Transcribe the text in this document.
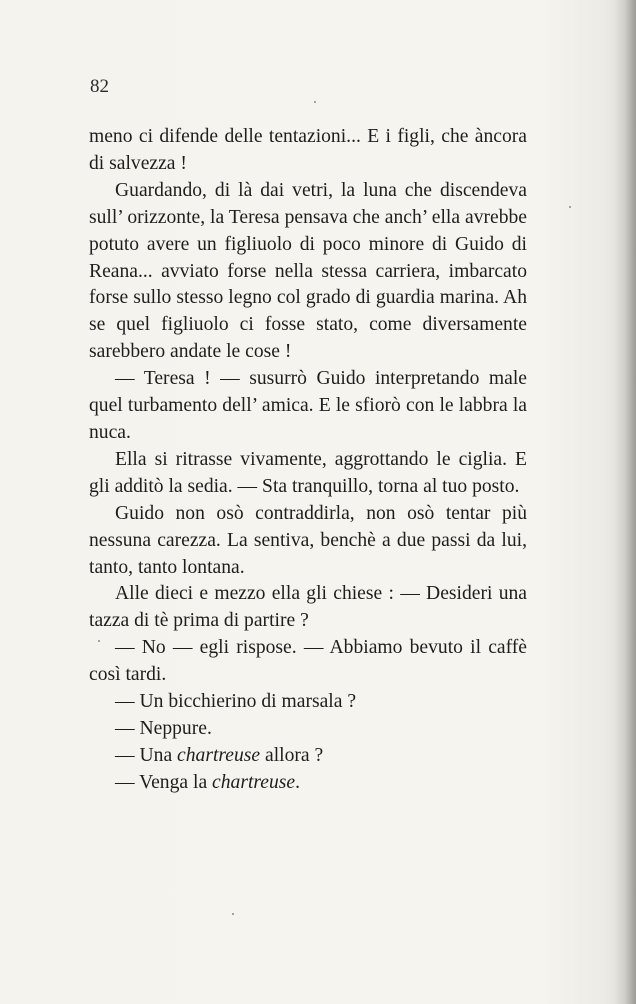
82

meno ci difende delle tentazioni... E i figli, che àncora di salvezza !

Guardando, di là dai vetri, la luna che discendeva sull’ orizzonte, la Teresa pensava che anch’ ella avrebbe potuto avere un figliuolo di poco minore di Guido di Reana... avviato forse nella stessa carriera, imbarcato forse sullo stesso legno col grado di guardia marina. Ah se quel figliuolo ci fosse stato, come diversamente sarebbero andate le cose !

— Teresa ! — susurrò Guido interpretando male quel turbamento dell’ amica. E le sfiorò con le labbra la nuca.

Ella si ritrasse vivamente, aggrottando le ciglia. E gli additò la sedia. — Sta tranquillo, torna al tuo posto.

Guido non osò contraddirla, non osò tentar più nessuna carezza. La sentiva, benchè a due passi da lui, tanto, tanto lontana.

Alle dieci e mezzo ella gli chiese : — Desideri una tazza di tè prima di partire ?

— No — egli rispose. — Abbiamo bevuto il caffè così tardi.

— Un bicchierino di marsala ?

— Neppure.

— Una chartreuse allora ?

— Venga la chartreuse.
